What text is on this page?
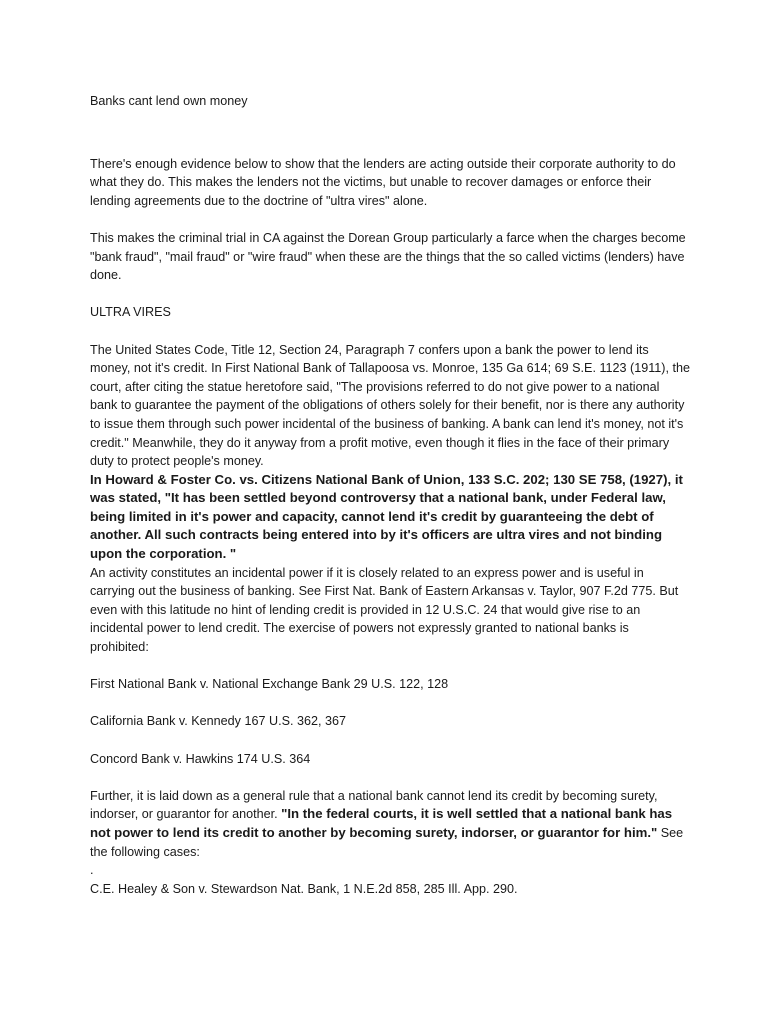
Banks cant lend own money

There's enough evidence below to show that the lenders are acting outside their corporate authority to do what they do. This makes the lenders not the victims, but unable to recover damages or enforce their lending agreements due to the doctrine of "ultra vires" alone.

This makes the criminal trial in CA against the Dorean Group particularly a farce when the charges become "bank fraud", "mail fraud" or "wire fraud" when these are the things that the so called victims (lenders) have done.

ULTRA VIRES

The United States Code, Title 12, Section 24, Paragraph 7 confers upon a bank the power to lend its money, not it's credit. In First National Bank of Tallapoosa vs. Monroe, 135 Ga 614; 69 S.E. 1123 (1911), the court, after citing the statue heretofore said, "The provisions referred to do not give power to a national bank to guarantee the payment of the obligations of others solely for their benefit, nor is there any authority to issue them through such power incidental of the business of banking. A bank can lend it's money, not it's credit." Meanwhile, they do it anyway from a profit motive, even though it flies in the face of their primary duty to protect people's money.

In Howard & Foster Co. vs. Citizens National Bank of Union, 133 S.C. 202; 130 SE 758, (1927), it was stated, "It has been settled beyond controversy that a national bank, under Federal law, being limited in it's power and capacity, cannot lend it's credit by guaranteeing the debt of another. All such contracts being entered into by it's officers are ultra vires and not binding upon the corporation. "

An activity constitutes an incidental power if it is closely related to an express power and is useful in carrying out the business of banking. See First Nat. Bank of Eastern Arkansas v. Taylor, 907 F.2d 775. But even with this latitude no hint of lending credit is provided in 12 U.S.C. 24 that would give rise to an incidental power to lend credit. The exercise of powers not expressly granted to national banks is prohibited:

First National Bank v. National Exchange Bank 29 U.S. 122, 128

California Bank v. Kennedy 167 U.S. 362, 367

Concord Bank v. Hawkins 174 U.S. 364

Further, it is laid down as a general rule that a national bank cannot lend its credit by becoming surety, indorser, or guarantor for another. "In the federal courts, it is well settled that a national bank has not power to lend its credit to another by becoming surety, indorser, or guarantor for him." See the following cases:

.

C.E. Healey & Son v. Stewardson Nat. Bank, 1 N.E.2d 858, 285 Ill. App. 290.
